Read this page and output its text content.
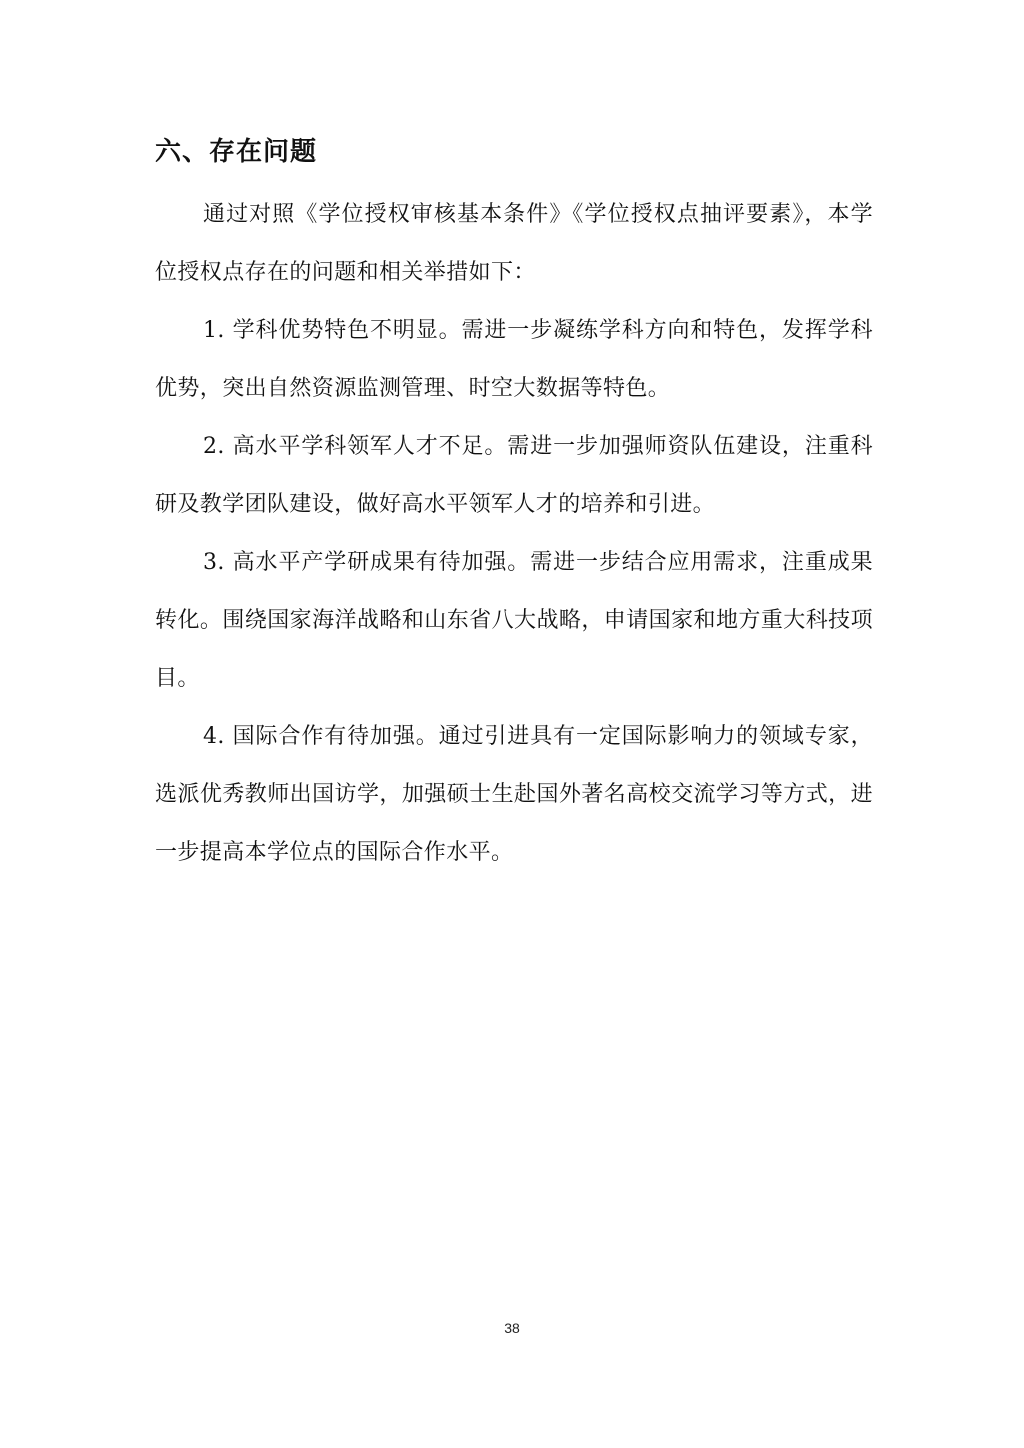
六、存在问题

通过对照《学位授权审核基本条件》《学位授权点抽评要素》，本学位授权点存在的问题和相关举措如下：

1. 学科优势特色不明显。需进一步凝练学科方向和特色，发挥学科优势，突出自然资源监测管理、时空大数据等特色。

2. 高水平学科领军人才不足。需进一步加强师资队伍建设，注重科研及教学团队建设，做好高水平领军人才的培养和引进。

3. 高水平产学研成果有待加强。需进一步结合应用需求，注重成果转化。围绕国家海洋战略和山东省八大战略，申请国家和地方重大科技项目。

4. 国际合作有待加强。通过引进具有一定国际影响力的领域专家，选派优秀教师出国访学，加强硕士生赴国外著名高校交流学习等方式，进一步提高本学位点的国际合作水平。

38
